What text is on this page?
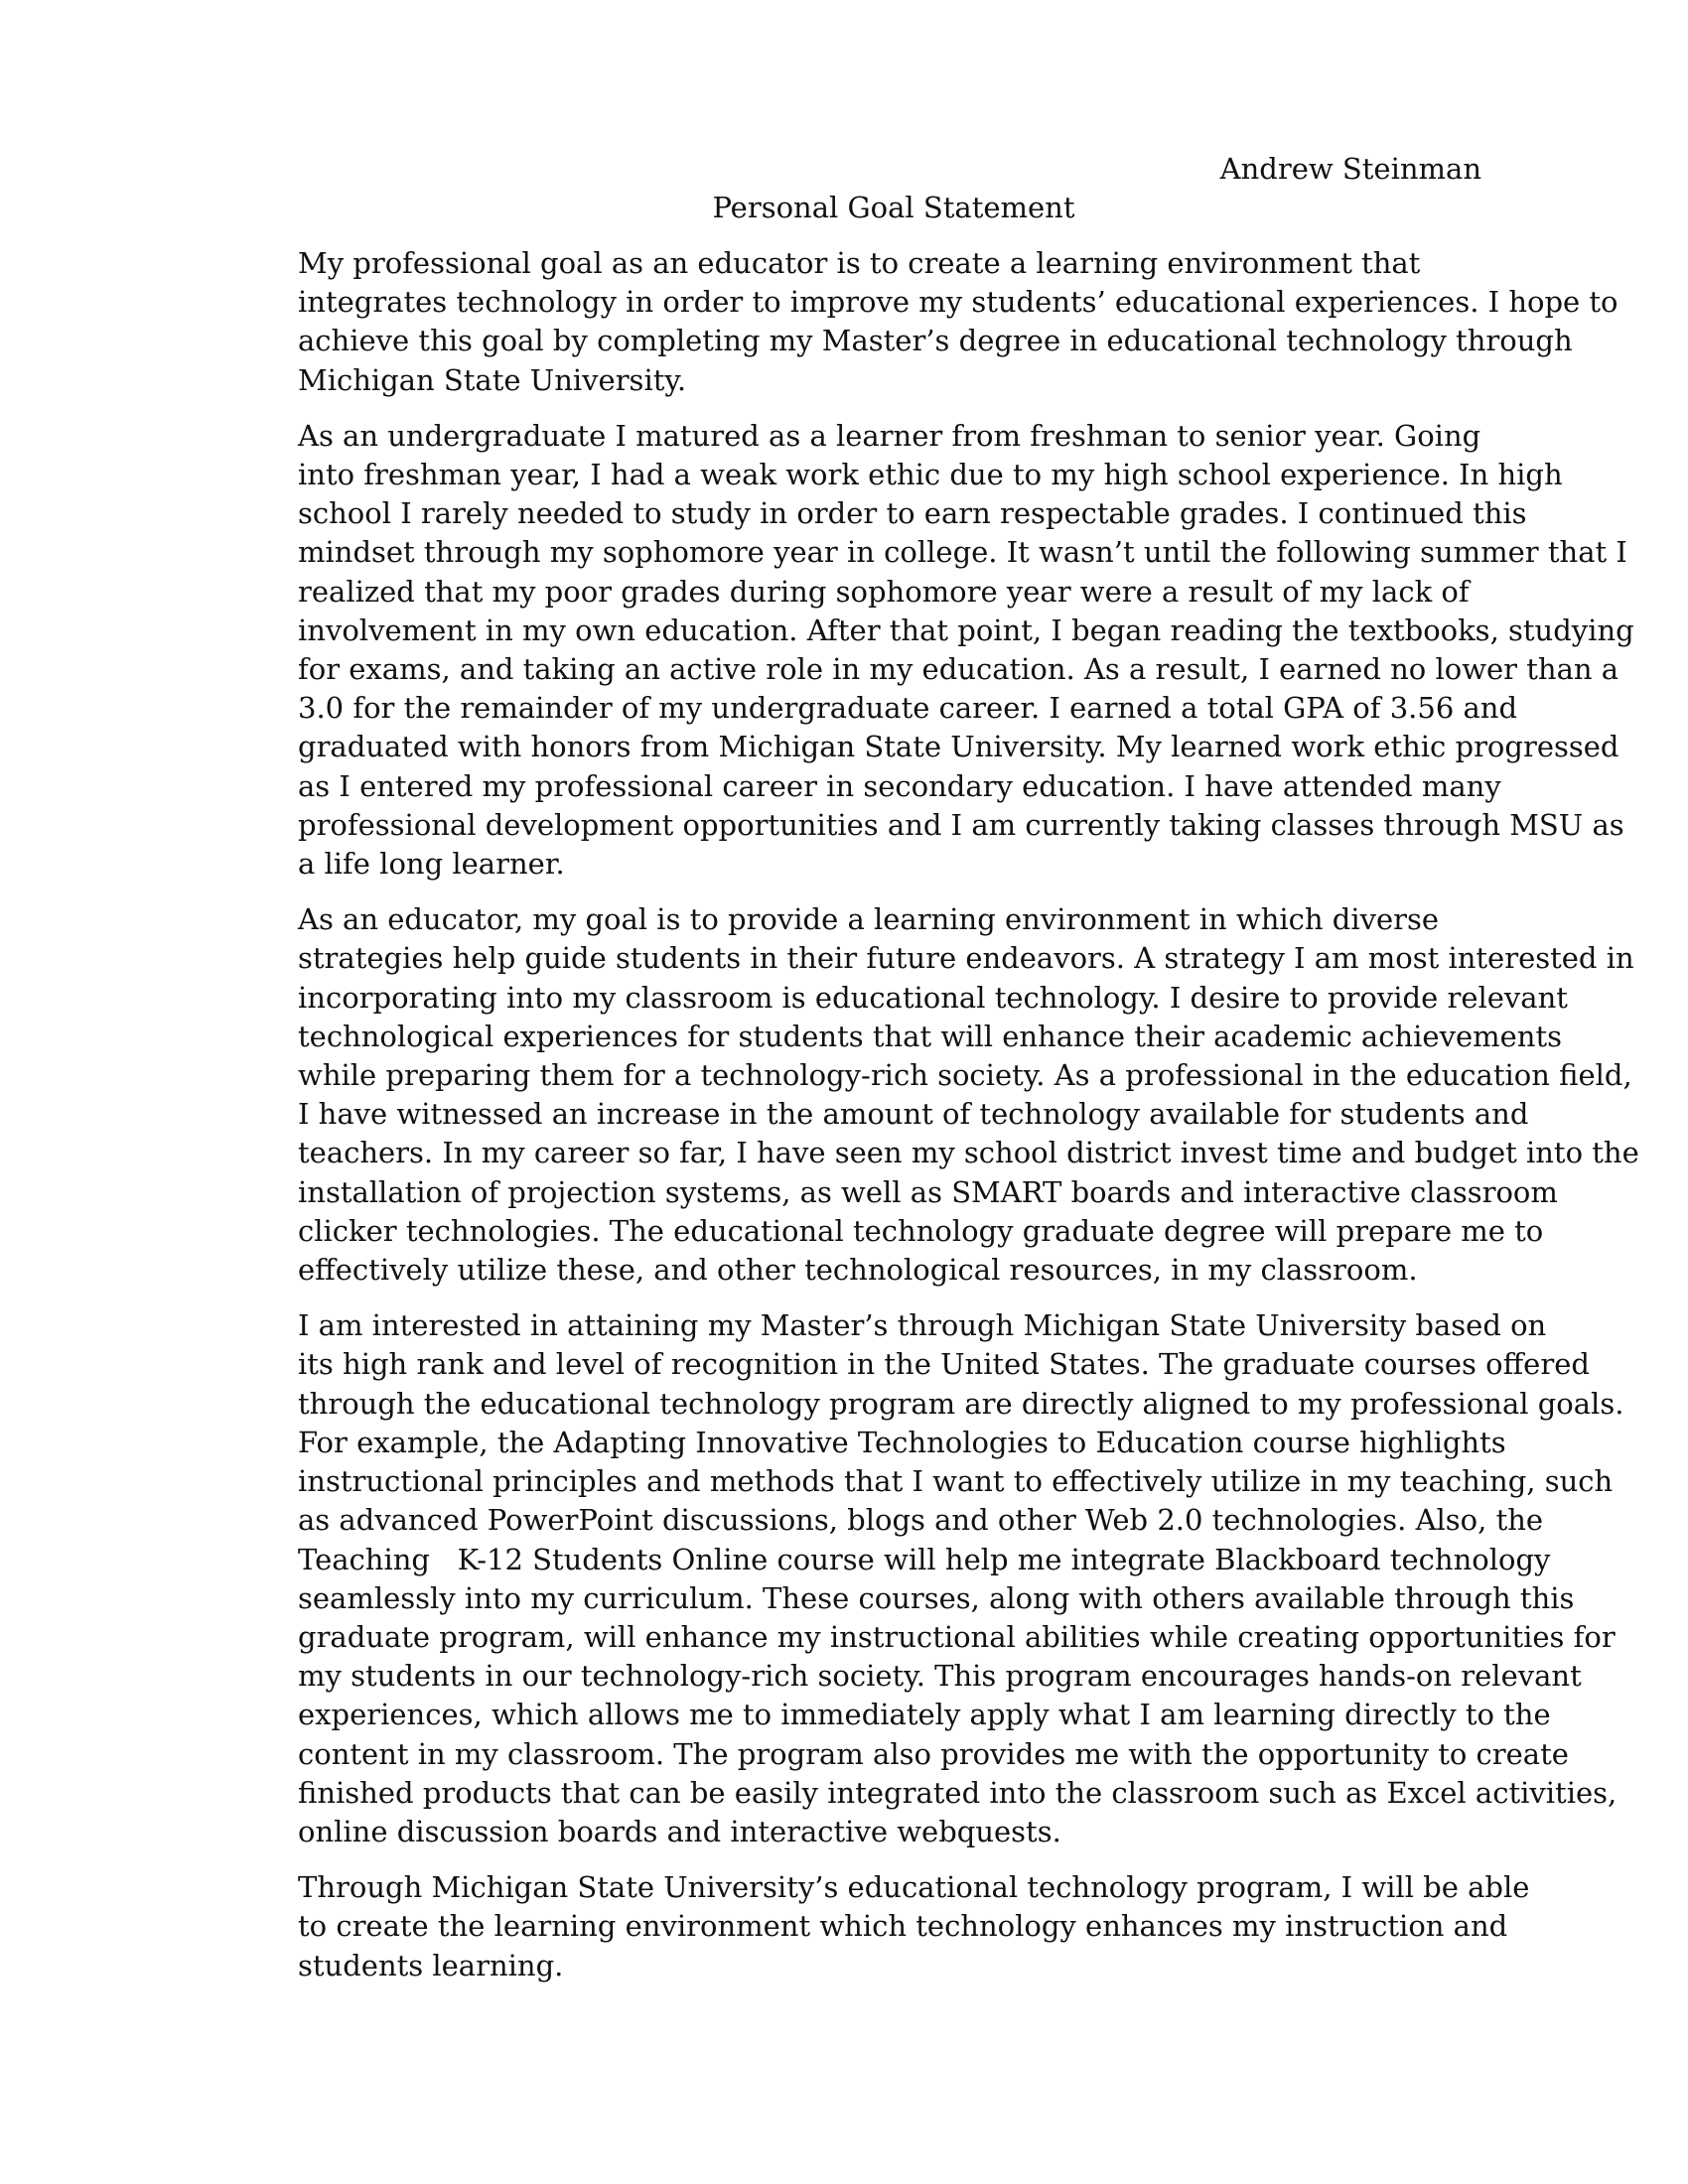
Andrew Steinman
Personal Goal Statement

My professional goal as an educator is to create a learning environment that
integrates technology in order to improve my students’ educational experiences. I hope to
achieve this goal by completing my Master’s degree in educational technology through
Michigan State University.

As an undergraduate I matured as a learner from freshman to senior year. Going
into freshman year, I had a weak work ethic due to my high school experience. In high
school I rarely needed to study in order to earn respectable grades. I continued this
mindset through my sophomore year in college. It wasn’t until the following summer that I
realized that my poor grades during sophomore year were a result of my lack of
involvement in my own education. After that point, I began reading the textbooks, studying
for exams, and taking an active role in my education. As a result, I earned no lower than a
3.0 for the remainder of my undergraduate career. I earned a total GPA of 3.56 and
graduated with honors from Michigan State University. My learned work ethic progressed
as I entered my professional career in secondary education. I have attended many
professional development opportunities and I am currently taking classes through MSU as
a life long learner.

As an educator, my goal is to provide a learning environment in which diverse
strategies help guide students in their future endeavors. A strategy I am most interested in
incorporating into my classroom is educational technology. I desire to provide relevant
technological experiences for students that will enhance their academic achievements
while preparing them for a technology-rich society. As a professional in the education field,
I have witnessed an increase in the amount of technology available for students and
teachers. In my career so far, I have seen my school district invest time and budget into the
installation of projection systems, as well as SMART boards and interactive classroom
clicker technologies. The educational technology graduate degree will prepare me to
effectively utilize these, and other technological resources, in my classroom.

I am interested in attaining my Master’s through Michigan State University based on
its high rank and level of recognition in the United States. The graduate courses offered
through the educational technology program are directly aligned to my professional goals.
For example, the Adapting Innovative Technologies to Education course highlights
instructional principles and methods that I want to effectively utilize in my teaching, such
as advanced PowerPoint discussions, blogs and other Web 2.0 technologies. Also, the
Teaching   K-12 Students Online course will help me integrate Blackboard technology
seamlessly into my curriculum. These courses, along with others available through this
graduate program, will enhance my instructional abilities while creating opportunities for
my students in our technology-rich society. This program encourages hands-on relevant
experiences, which allows me to immediately apply what I am learning directly to the
content in my classroom. The program also provides me with the opportunity to create
finished products that can be easily integrated into the classroom such as Excel activities,
online discussion boards and interactive webquests.

Through Michigan State University’s educational technology program, I will be able
to create the learning environment which technology enhances my instruction and
students learning.
